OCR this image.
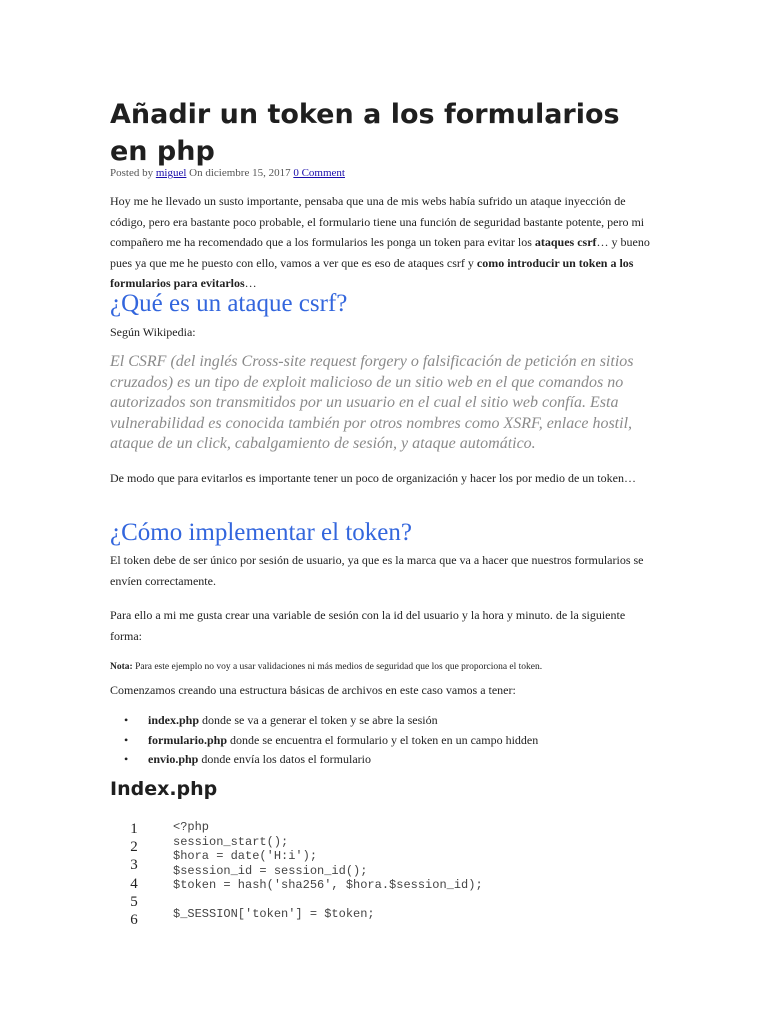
Añadir un token a los formularios en php
Posted by miguel On diciembre 15, 2017 0 Comment

Hoy me he llevado un susto importante, pensaba que una de mis webs había sufrido un ataque inyección de código, pero era bastante poco probable, el formulario tiene una función de seguridad bastante potente, pero mi compañero me ha recomendado que a los formularios les ponga un token para evitar los ataques csrf… y bueno pues ya que me he puesto con ello, vamos a ver que es eso de ataques csrf y como introducir un token a los formularios para evitarlos…

¿Qué es un ataque csrf?

Según Wikipedia:

El CSRF (del inglés Cross-site request forgery o falsificación de petición en sitios cruzados) es un tipo de exploit malicioso de un sitio web en el que comandos no autorizados son transmitidos por un usuario en el cual el sitio web confía. Esta vulnerabilidad es conocida también por otros nombres como XSRF, enlace hostil, ataque de un click, cabalgamiento de sesión, y ataque automático.

De modo que para evitarlos es importante tener un poco de organización y hacer los por medio de un token…

¿Cómo implementar el token?

El token debe de ser único por sesión de usuario, ya que es la marca que va a hacer que nuestros formularios se envíen correctamente.

Para ello a mi me gusta crear una variable de sesión con la id del usuario y la hora y minuto. de la siguiente forma:

Nota: Para este ejemplo no voy a usar validaciones ni más medios de seguridad que los que proporciona el token.

Comenzamos creando una estructura básicas de archivos en este caso vamos a tener:

• index.php donde se va a generar el token y se abre la sesión
• formulario.php donde se encuentra el formulario y el token en un campo hidden
• envio.php donde envía los datos el formulario
Index.php
1
2
3
4
5
6
<?php
session_start();
$hora = date('H:i');
$session_id = session_id();
$token = hash('sha256', $hora.$session_id);

$_SESSION['token'] = $token;
